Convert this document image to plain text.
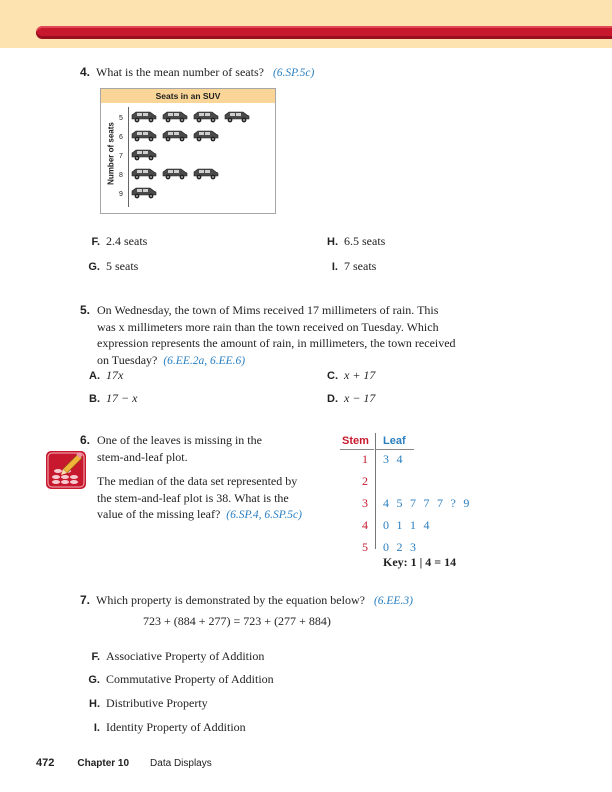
4. What is the mean number of seats? (6.SP.5c)
Seats in an SUV
Number of seats
5
6
7
8
9
F. 2.4 seats	H. 6.5 seats
G. 5 seats	I. 7 seats
5. On Wednesday, the town of Mims received 17 millimeters of rain. This
was x millimeters more rain than the town received on Tuesday. Which
expression represents the amount of rain, in millimeters, the town received
on Tuesday? (6.EE.2a, 6.EE.6)
A. 17x	C. x + 17
B. 17 − x	D. x − 17
6. One of the leaves is missing in the
stem-and-leaf plot.
The median of the data set represented by
the stem-and-leaf plot is 38. What is the
value of the missing leaf? (6.SP.4, 6.SP.5c)
Stem Leaf
1 3  4
2
3 4  5  7  7  7  ?  9
4 0  1  1  4
5 0  2  3
Key: 1 | 4 = 14
7. Which property is demonstrated by the equation below? (6.EE.3)
723 + (884 + 277) = 723 + (277 + 884)
F. Associative Property of Addition
G. Commutative Property of Addition
H. Distributive Property
I. Identity Property of Addition
472 Chapter 10 Data Displays
